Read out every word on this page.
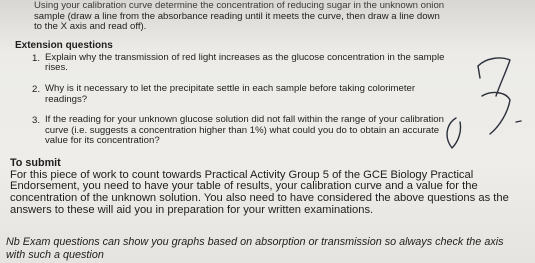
Using your calibration curve determine the concentration of reducing sugar in the unknown onion
sample (draw a line from the absorbance reading until it meets the curve, then draw a line down
to the X axis and read off).
Extension questions
1. Explain why the transmission of red light increases as the glucose concentration in the sample
rises.
2. Why is it necessary to let the precipitate settle in each sample before taking colorimeter
readings?
3. If the reading for your unknown glucose solution did not fall within the range of your calibration
curve (i.e. suggests a concentration higher than 1%) what could you do to obtain an accurate
value for its concentration?
To submit
For this piece of work to count towards Practical Activity Group 5 of the GCE Biology Practical
Endorsement, you need to have your table of results, your calibration curve and a value for the
concentration of the unknown solution. You also need to have considered the above questions as the
answers to these will aid you in preparation for your written examinations.
Nb Exam questions can show you graphs based on absorption or transmission so always check the axis
with such a question
